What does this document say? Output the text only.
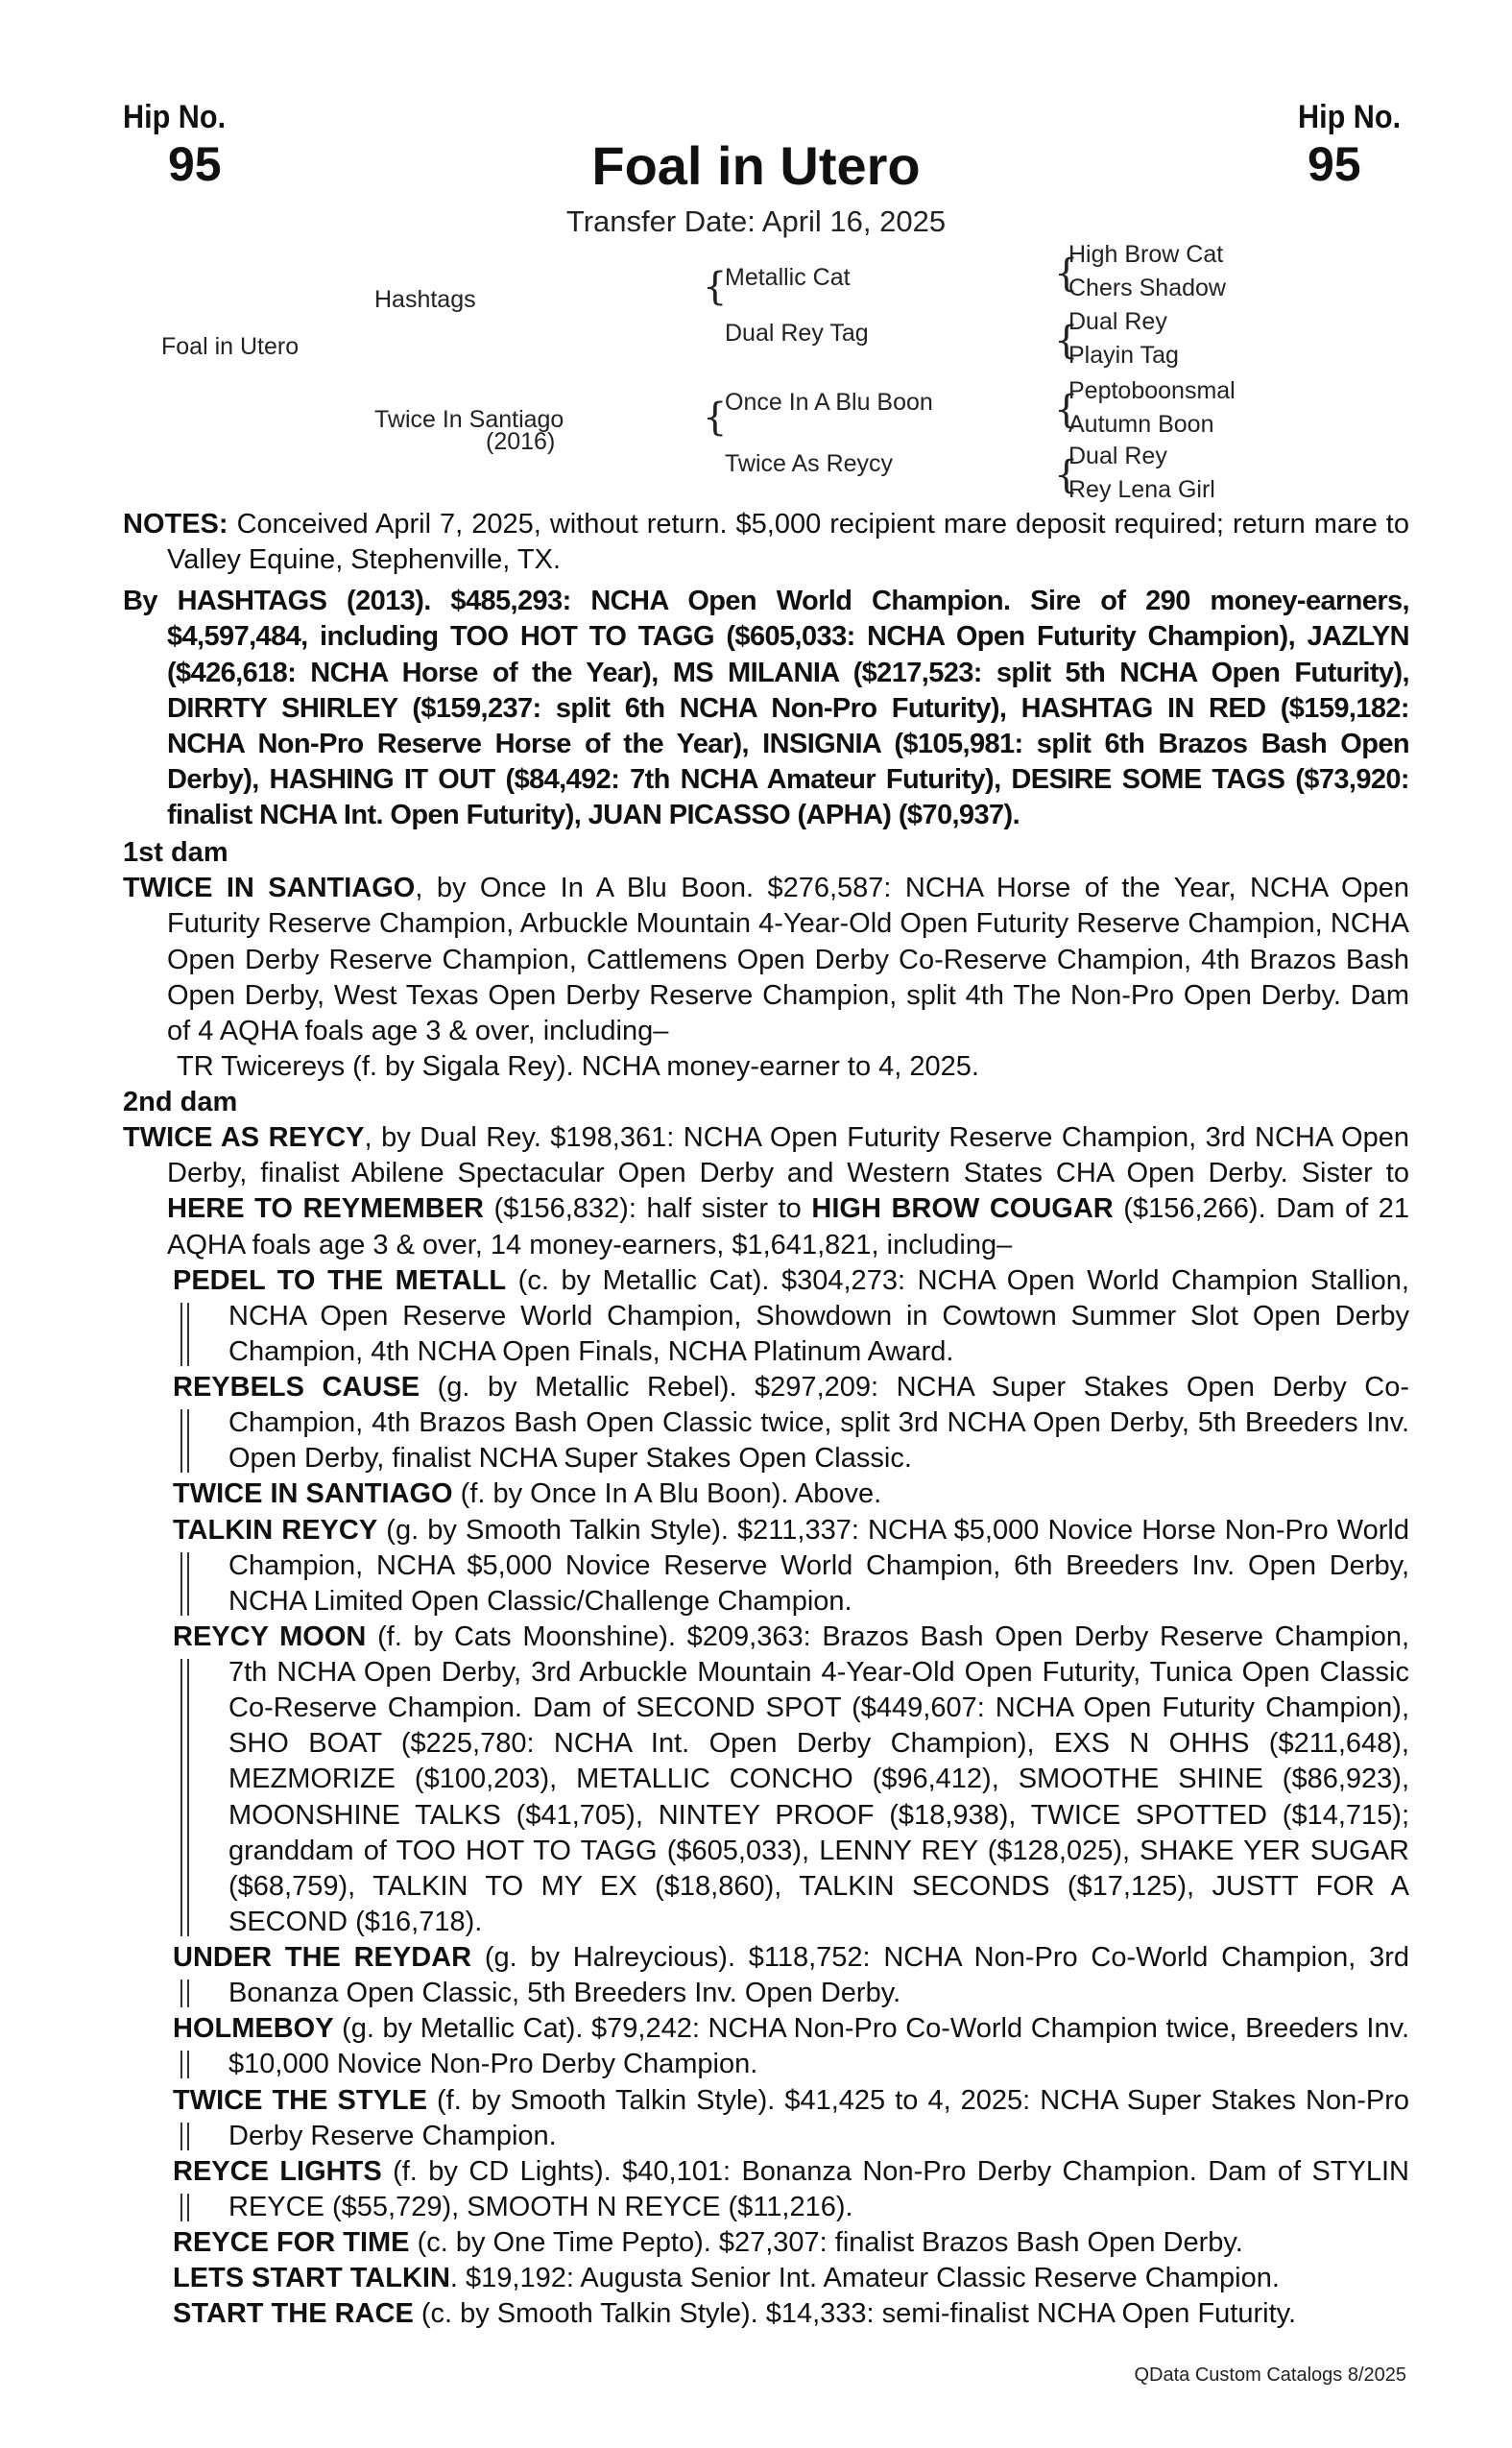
Hip No.
95
Hip No.
95
Foal in Utero
Transfer Date: April 16, 2025
Foal in Utero
Hashtags
Twice In Santiago
(2016)
{
Metallic Cat
Dual Rey Tag
{
Once In A Blu Boon
Twice As Reycy
{
High Brow Cat
Chers Shadow
{
Dual Rey
Playin Tag
{
Peptoboonsmal
Autumn Boon
{
Dual Rey
Rey Lena Girl

NOTES: Conceived April 7, 2025, without return. $5,000 recipient mare deposit required; return mare to Valley Equine, Stephenville, TX.

By HASHTAGS (2013). $485,293: NCHA Open World Champion. Sire of 290 money-earners, $4,597,484, including TOO HOT TO TAGG ($605,033: NCHA Open Futurity Champion), JAZLYN ($426,618: NCHA Horse of the Year), MS MILANIA ($217,523: split 5th NCHA Open Futurity), DIRRTY SHIRLEY ($159,237: split 6th NCHA Non-Pro Futurity), HASHTAG IN RED ($159,182: NCHA Non-Pro Reserve Horse of the Year), INSIGNIA ($105,981: split 6th Brazos Bash Open Derby), HASHING IT OUT ($84,492: 7th NCHA Amateur Futurity), DESIRE SOME TAGS ($73,920: finalist NCHA Int. Open Futurity), JUAN PICASSO (APHA) ($70,937).

1st dam

TWICE IN SANTIAGO, by Once In A Blu Boon. $276,587: NCHA Horse of the Year, NCHA Open Futurity Reserve Champion, Arbuckle Mountain 4-Year-Old Open Futurity Reserve Champion, NCHA Open Derby Reserve Champion, Cattlemens Open Derby Co-Reserve Champion, 4th Brazos Bash Open Derby, West Texas Open Derby Reserve Champion, split 4th The Non-Pro Open Derby. Dam of 4 AQHA foals age 3 & over, including–

TR Twicereys (f. by Sigala Rey). NCHA money-earner to 4, 2025.

2nd dam

TWICE AS REYCY, by Dual Rey. $198,361: NCHA Open Futurity Reserve Champion, 3rd NCHA Open Derby, finalist Abilene Spectacular Open Derby and Western States CHA Open Derby. Sister to HERE TO REYMEMBER ($156,832): half sister to HIGH BROW COUGAR ($156,266). Dam of 21 AQHA foals age 3 & over, 14 money-earners, $1,641,821, including–

PEDEL TO THE METALL (c. by Metallic Cat). $304,273: NCHA Open World Champion Stallion, NCHA Open Reserve World Champion, Showdown in Cowtown Summer Slot Open Derby Champion, 4th NCHA Open Finals, NCHA Platinum Award.

REYBELS CAUSE (g. by Metallic Rebel). $297,209: NCHA Super Stakes Open Derby Co-Champion, 4th Brazos Bash Open Classic twice, split 3rd NCHA Open Derby, 5th Breeders Inv. Open Derby, finalist NCHA Super Stakes Open Classic.

TWICE IN SANTIAGO (f. by Once In A Blu Boon). Above.

TALKIN REYCY (g. by Smooth Talkin Style). $211,337: NCHA $5,000 Novice Horse Non-Pro World Champion, NCHA $5,000 Novice Reserve World Champion, 6th Breeders Inv. Open Derby, NCHA Limited Open Classic/Challenge Champion.

REYCY MOON (f. by Cats Moonshine). $209,363: Brazos Bash Open Derby Reserve Champion, 7th NCHA Open Derby, 3rd Arbuckle Mountain 4-Year-Old Open Futurity, Tunica Open Classic Co-Reserve Champion. Dam of SECOND SPOT ($449,607: NCHA Open Futurity Champion), SHO BOAT ($225,780: NCHA Int. Open Derby Champion), EXS N OHHS ($211,648), MEZMORIZE ($100,203), METALLIC CONCHO ($96,412), SMOOTHE SHINE ($86,923), MOONSHINE TALKS ($41,705), NINTEY PROOF ($18,938), TWICE SPOTTED ($14,715); granddam of TOO HOT TO TAGG ($605,033), LENNY REY ($128,025), SHAKE YER SUGAR ($68,759), TALKIN TO MY EX ($18,860), TALKIN SECONDS ($17,125), JUSTT FOR A SECOND ($16,718).

UNDER THE REYDAR (g. by Halreycious). $118,752: NCHA Non-Pro Co-World Champion, 3rd Bonanza Open Classic, 5th Breeders Inv. Open Derby.

HOLMEBOY (g. by Metallic Cat). $79,242: NCHA Non-Pro Co-World Champion twice, Breeders Inv. $10,000 Novice Non-Pro Derby Champion.

TWICE THE STYLE (f. by Smooth Talkin Style). $41,425 to 4, 2025: NCHA Super Stakes Non-Pro Derby Reserve Champion.

REYCE LIGHTS (f. by CD Lights). $40,101: Bonanza Non-Pro Derby Champion. Dam of STYLIN REYCE ($55,729), SMOOTH N REYCE ($11,216).

REYCE FOR TIME (c. by One Time Pepto). $27,307: finalist Brazos Bash Open Derby.

LETS START TALKIN. $19,192: Augusta Senior Int. Amateur Classic Reserve Champion.

START THE RACE (c. by Smooth Talkin Style). $14,333: semi-finalist NCHA Open Futurity.

QData Custom Catalogs 8/2025
